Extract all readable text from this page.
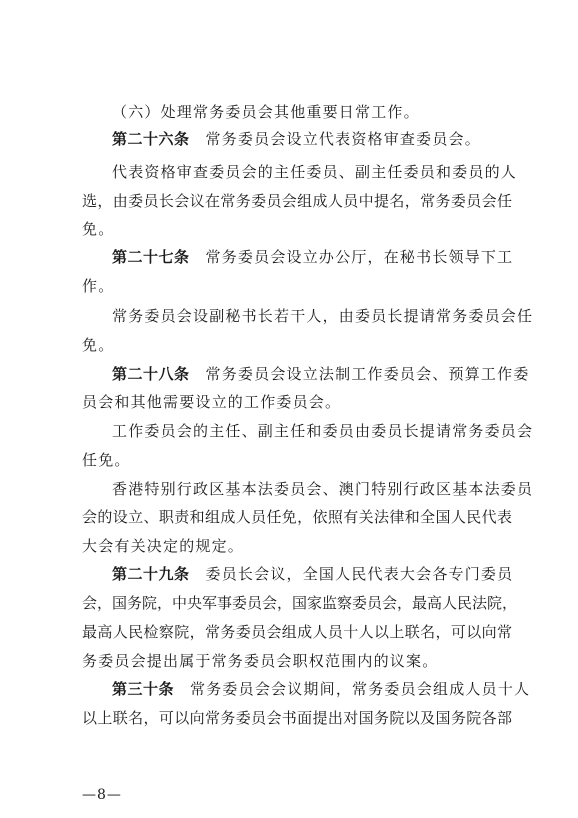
（六）处理常务委员会其他重要日常工作。
第二十六条 常务委员会设立代表资格审查委员会。
代表资格审查委员会的主任委员、副主任委员和委员的人
选，由委员长会议在常务委员会组成人员中提名，常务委员会任
免。
第二十七条 常务委员会设立办公厅，在秘书长领导下工
作。
常务委员会设副秘书长若干人，由委员长提请常务委员会任
免。
第二十八条 常务委员会设立法制工作委员会、预算工作委
员会和其他需要设立的工作委员会。
工作委员会的主任、副主任和委员由委员长提请常务委员会
任免。
香港特别行政区基本法委员会、澳门特别行政区基本法委员
会的设立、职责和组成人员任免，依照有关法律和全国人民代表
大会有关决定的规定。
第二十九条 委员长会议，全国人民代表大会各专门委员
会，国务院，中央军事委员会，国家监察委员会，最高人民法院，
最高人民检察院，常务委员会组成人员十人以上联名，可以向常
务委员会提出属于常务委员会职权范围内的议案。
第三十条 常务委员会会议期间，常务委员会组成人员十人
以上联名，可以向常务委员会书面提出对国务院以及国务院各部
—8—
